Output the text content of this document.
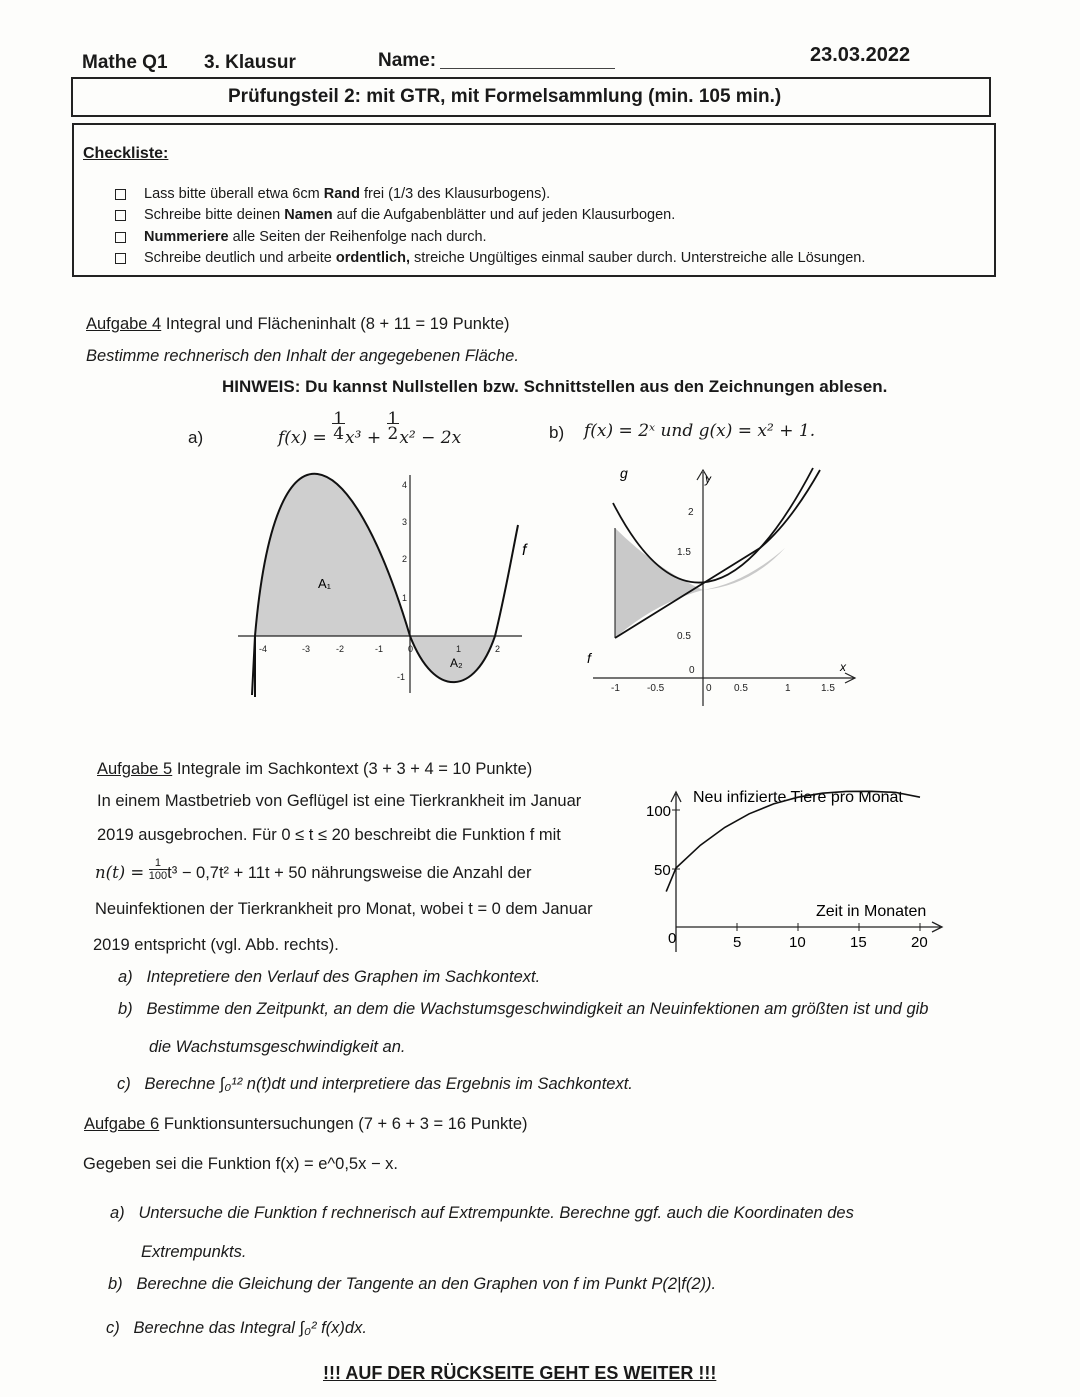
Mathe Q1 3. Klausur	Name:	23.03.2022
Prüfungsteil 2: mit GTR, mit Formelsammlung (min. 105 min.)
Checkliste:
Lass bitte überall etwa 6cm Rand frei (1/3 des Klausurbogens).
Schreibe bitte deinen Namen auf die Aufgabenblätter und auf jeden Klausurbogen.
Nummeriere alle Seiten der Reihenfolge nach durch.
Schreibe deutlich und arbeite ordentlich, streiche Ungültiges einmal sauber durch. Unterstreiche alle Lösungen.
Aufgabe 4 Integral und Flächeninhalt (8 + 11 = 19 Punkte)
Bestimme rechnerisch den Inhalt der angegebenen Fläche.
HINWEIS: Du kannst Nullstellen bzw. Schnittstellen aus den Zeichnungen ablesen.
a)	f(x) = 1
4x³ + 1
2x² − 2x	b) f(x) = 2ˣ und g(x) = x² + 1.
-4	-3	-2	-1	0	1	2
4
3
2
1
-1
A₁
A₂
f
-1	-0.5	0 0.5	1	1.5
2
1.5
0.5
0	x
y
g
f
Aufgabe 5 Integrale im Sachkontext (3 + 3 + 4 = 10 Punkte)
In einem Mastbetrieb von Geflügel ist eine Tierkrankheit im Januar
2019 ausgebrochen. Für 0 ≤ t ≤ 20 beschreibt die Funktion f mit
$n(t) = \frac{1}{100}t^3 - 0,7t^2 + 11t + 50$ nährungsweise die Anzahl der
Neuinfektionen der Tierkrankheit pro Monat, wobei t = 0 dem Januar
2019 entspricht (vgl. Abb. rechts).
Neu infizierte Tiere pro Monat
Zeit in Monaten
100
50
0	5	10	15	20
a) Intepretiere den Verlauf des Graphen im Sachkontext.
b) Bestimme den Zeitpunkt, an dem die Wachstumsgeschwindigkeit an Neuinfektionen am größten ist und gib
die Wachstumsgeschwindigkeit an.
c) Berechne ∫₀¹² n(t)dt und interpretiere das Ergebnis im Sachkontext.
Aufgabe 6 Funktionsuntersuchungen (7 + 6 + 3 = 16 Punkte)
Gegeben sei die Funktion f(x) = e^0,5x − x.
a) Untersuche die Funktion f rechnerisch auf Extrempunkte. Berechne ggf. auch die Koordinaten des
Extrempunkts.
b) Berechne die Gleichung der Tangente an den Graphen von f im Punkt P(2|f(2)).
c) Berechne das Integral ∫₀² f(x)dx.
!!! AUF DER RÜCKSEITE GEHT ES WEITER !!!
